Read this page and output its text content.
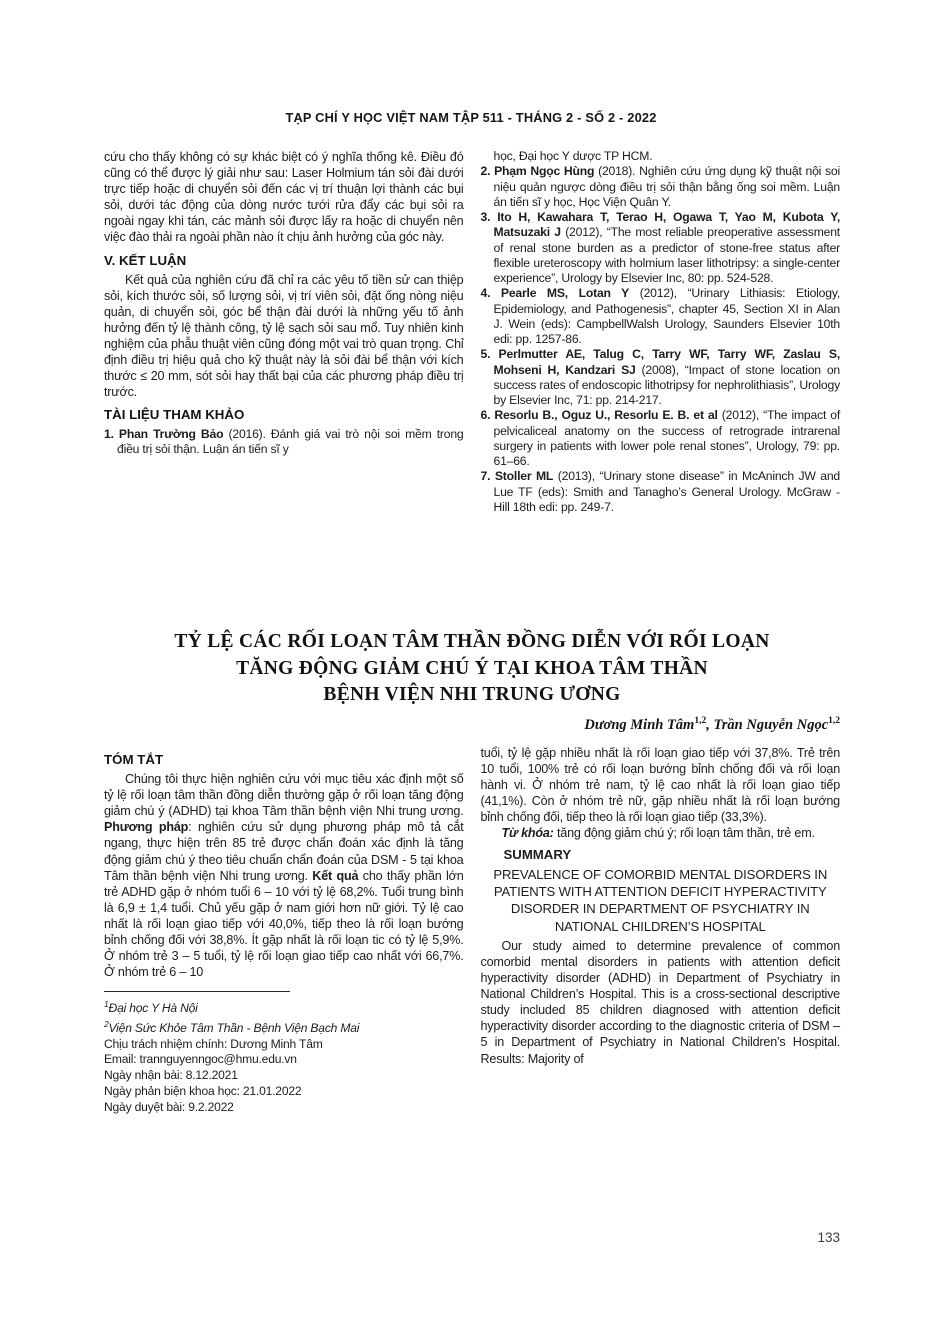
TẠP CHÍ Y HỌC VIỆT NAM TẬP 511 - THÁNG 2 - SỐ 2 - 2022

cứu cho thấy không có sự khác biệt có ý nghĩa thống kê. Điều đó cũng có thể được lý giải như sau: Laser Holmium tán sỏi đài dưới trực tiếp hoặc di chuyển sỏi đến các vị trí thuận lợi thành các bụi sỏi, dưới tác động của dòng nước tưới rửa đẩy các bụi sỏi ra ngoài ngay khi tán, các mảnh sỏi được lấy ra hoặc di chuyển nên việc đào thải ra ngoài phần nào ít chịu ảnh hưởng của góc này.

V. KẾT LUẬN

Kết quả của nghiên cứu đã chỉ ra các yêu tố tiền sử can thiệp sỏi, kích thước sỏi, số lượng sỏi, vị trí viên sỏi, đặt ống nòng niệu quản, di chuyển sỏi, góc bể thận đài dưới là những yếu tố ảnh hưởng đến tỷ lệ thành công, tỷ lệ sạch sỏi sau mổ. Tuy nhiên kinh nghiệm của phẫu thuật viên cũng đóng một vai trò quan trọng. Chỉ định điều trị hiệu quả cho kỹ thuật này là sỏi đài bể thận với kích thước ≤ 20 mm, sót sỏi hay thất bại của các phương pháp điều trị trước.

TÀI LIỆU THAM KHẢO
1. Phan Trường Bảo (2016). Đánh giá vai trò nội soi mềm trong điều trị sỏi thận. Luận án tiến sĩ y
học, Đại học Y dược TP HCM.
2. Phạm Ngọc Hùng (2018). Nghiên cứu ứng dụng kỹ thuật nội soi niệu quản ngược dòng điều trị sỏi thận bằng ống soi mềm. Luận án tiến sĩ y học, Học Viện Quân Y.
3. Ito H, Kawahara T, Terao H, Ogawa T, Yao M, Kubota Y, Matsuzaki J (2012), “The most reliable preoperative assessment of renal stone burden as a predictor of stone-free status after flexible ureteroscopy with holmium laser lithotripsy: a single-center experience”, Urology by Elsevier Inc, 80: pp. 524-528.
4. Pearle MS, Lotan Y (2012), “Urinary Lithiasis: Etiology, Epidemiology, and Pathogenesis”, chapter 45, Section XI in Alan J. Wein (eds): CampbellWalsh Urology, Saunders Elsevier 10th edi: pp. 1257-86.
5. Perlmutter AE, Talug C, Tarry WF, Tarry WF, Zaslau S, Mohseni H, Kandzari SJ (2008), “Impact of stone location on success rates of endoscopic lithotripsy for nephrolithiasis”, Urology by Elsevier Inc, 71: pp. 214-217.
6. Resorlu B., Oguz U., Resorlu E. B. et al (2012), “The impact of pelvicaliceal anatomy on the success of retrograde intrarenal surgery in patients with lower pole renal stones”, Urology, 79: pp. 61–66.
7. Stoller ML (2013), “Urinary stone disease” in McAninch JW and Lue TF (eds): Smith and Tanagho’s General Urology. McGraw - Hill 18th edi: pp. 249-7.
TỶ LỆ CÁC RỐI LOẠN TÂM THẦN ĐỒNG DIỄN VỚI RỐI LOẠN
TĂNG ĐỘNG GIẢM CHÚ Ý TẠI KHOA TÂM THẦN
BỆNH VIỆN NHI TRUNG ƯƠNG
Dương Minh Tâm$^{1,2}$, Trần Nguyễn Ngọc$^{1,2}$
TÓM TẮT

Chúng tôi thực hiện nghiên cứu với mục tiêu xác định một số tỷ lệ rối loạn tâm thần đồng diễn thường gặp ở rối loạn tăng động giảm chú ý (ADHD) tại khoa Tâm thần bệnh viện Nhi trung ương. Phương pháp: nghiên cứu sử dụng phương pháp mô tả cắt ngang, thực hiện trên 85 trẻ được chẩn đoán xác định là tăng động giảm chú ý theo tiêu chuẩn chẩn đoán của DSM - 5 tại khoa Tâm thần bệnh viện Nhi trung ương. Kết quả cho thấy phần lớn trẻ ADHD gặp ở nhóm tuổi 6 – 10 với tỷ lệ 68,2%. Tuổi trung bình là 6,9 ± 1,4 tuổi. Chủ yếu gặp ở nam giới hơn nữ giới. Tỷ lệ cao nhất là rối loạn giao tiếp với 40,0%, tiếp theo là rối loạn bướng bỉnh chống đối với 38,8%. Ít gặp nhất là rối loạn tic có tỷ lệ 5,9%. Ở nhóm trẻ 3 – 5 tuổi, tỷ lệ rối loạn giao tiếp cao nhất với 66,7%. Ở nhóm trẻ 6 – 10

$^1$Đại học Y Hà Nội
$^2$Viện Sức Khỏe Tâm Thần - Bệnh Viện Bạch Mai
Chịu trách nhiệm chính: Dương Minh Tâm
Email: trannguyenngoc@hmu.edu.vn
Ngày nhận bài: 8.12.2021
Ngày phản biện khoa học: 21.01.2022
Ngày duyệt bài: 9.2.2022

tuổi, tỷ lệ gặp nhiều nhất là rối loạn giao tiếp với 37,8%. Trẻ trên 10 tuổi, 100% trẻ có rối loạn bướng bỉnh chống đối và rối loạn hành vi. Ở nhóm trẻ nam, tỷ lệ cao nhất là rối loạn giao tiếp (41,1%). Còn ở nhóm trẻ nữ, gặp nhiều nhất là rối loạn bướng bỉnh chống đối, tiếp theo là rối loạn giao tiếp (33,3%).

Từ khóa: tăng động giảm chú ý; rối loạn tâm thần, trẻ em.

SUMMARY
PREVALENCE OF COMORBID MENTAL DISORDERS IN PATIENTS WITH ATTENTION DEFICIT HYPERACTIVITY DISORDER IN DEPARTMENT OF PSYCHIATRY IN NATIONAL CHILDREN’S HOSPITAL

Our study aimed to determine prevalence of common comorbid mental disorders in patients with attention deficit hyperactivity disorder (ADHD) in Department of Psychiatry in National Children’s Hospital. This is a cross-sectional descriptive study included 85 children diagnosed with attention deficit hyperactivity disorder according to the diagnostic criteria of DSM – 5 in Department of Psychiatry in National Children’s Hospital. Results: Majority of

133
